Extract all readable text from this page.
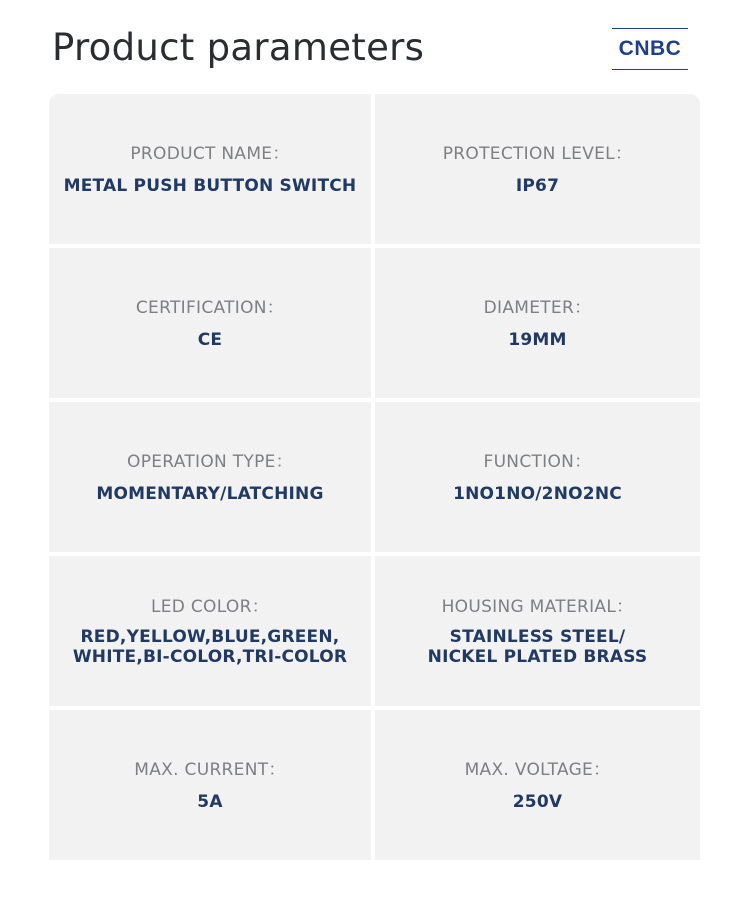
Product parameters	CNBC
PRODUCT NAME：
METAL PUSH BUTTON SWITCH
PROTECTION LEVEL：
IP67
CERTIFICATION：
CE
DIAMETER：
19MM
OPERATION TYPE：
MOMENTARY/LATCHING
FUNCTION：
1NO1NO/2NO2NC
LED COLOR：
RED,YELLOW,BLUE,GREEN,
WHITE,BI-COLOR,TRI-COLOR
HOUSING MATERIAL：
STAINLESS STEEL/
NICKEL PLATED BRASS
MAX. CURRENT：
5A
MAX. VOLTAGE：
250V
